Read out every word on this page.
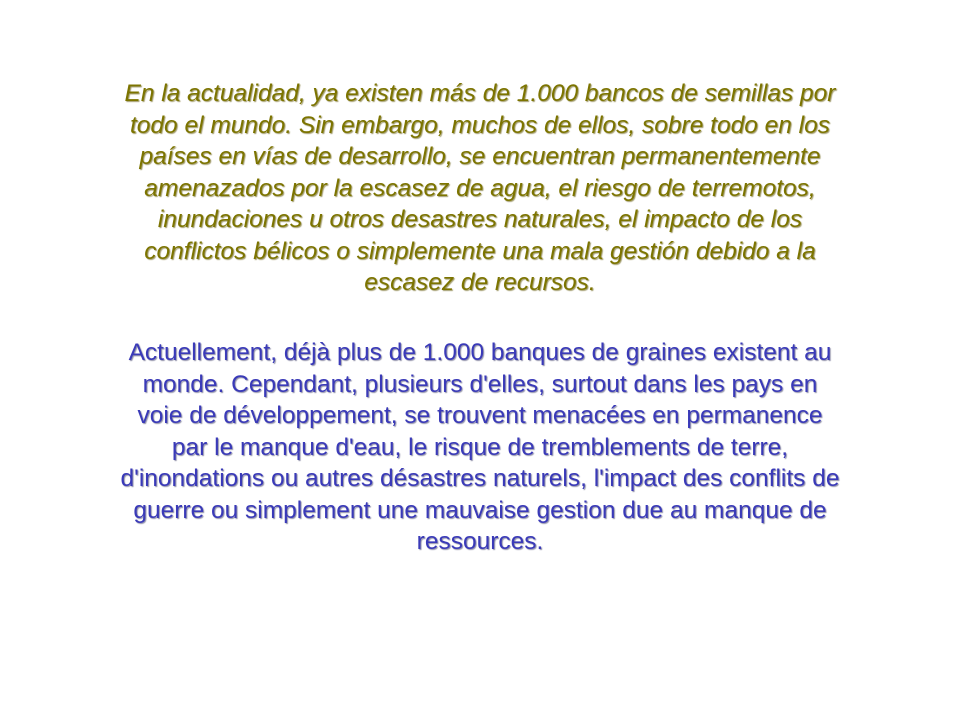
En la actualidad, ya existen más de 1.000 bancos de semillas por
todo el mundo. Sin embargo, muchos de ellos, sobre todo en los
países en vías de desarrollo, se encuentran permanentemente
amenazados por la escasez de agua, el riesgo de terremotos,
inundaciones u otros desastres naturales, el impacto de los
conflictos bélicos o simplemente una mala gestión debido a la
escasez de recursos.

Actuellement, déjà plus de 1.000 banques de graines existent au
monde. Cependant, plusieurs d'elles, surtout dans les pays en
voie de développement, se trouvent menacées en permanence
par le manque d'eau, le risque de tremblements de terre,
d'inondations ou autres désastres naturels, l'impact des conflits de
guerre ou simplement une mauvaise gestion due au manque de
ressources.
